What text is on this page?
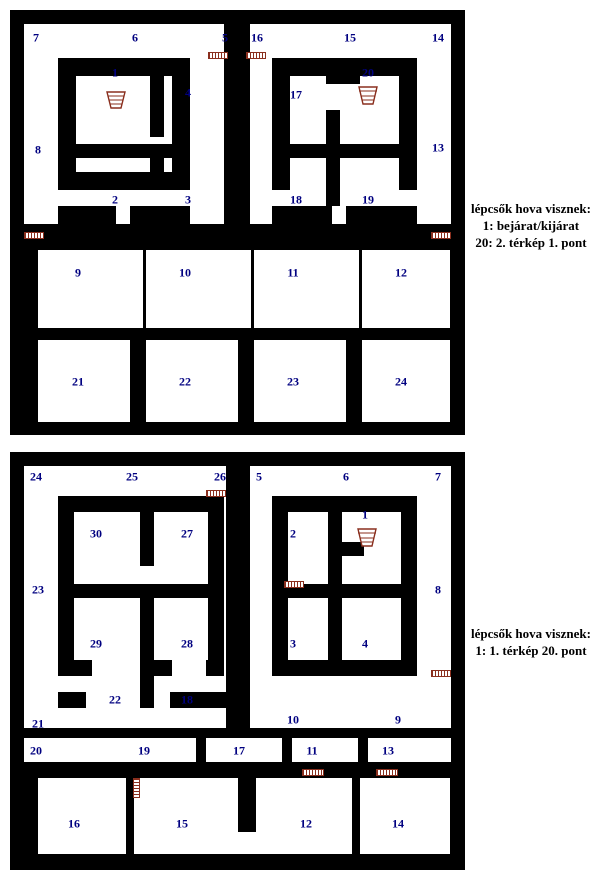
7	6	5 16	15	14
1
4	17
20
8	13
2	3	18	19
9	10	11	12
21	22	23	24
24	25	26	5	6	7
30	27	2
1
23	8
29	28	3	4
22	18
21	10	9
20	19	17	11	13
16	15	12	14
lépcsők hova visznek:
1: bejárat/kijárat
20: 2. térkép 1. pont
lépcsők hova visznek:
1: 1. térkép 20. pont
